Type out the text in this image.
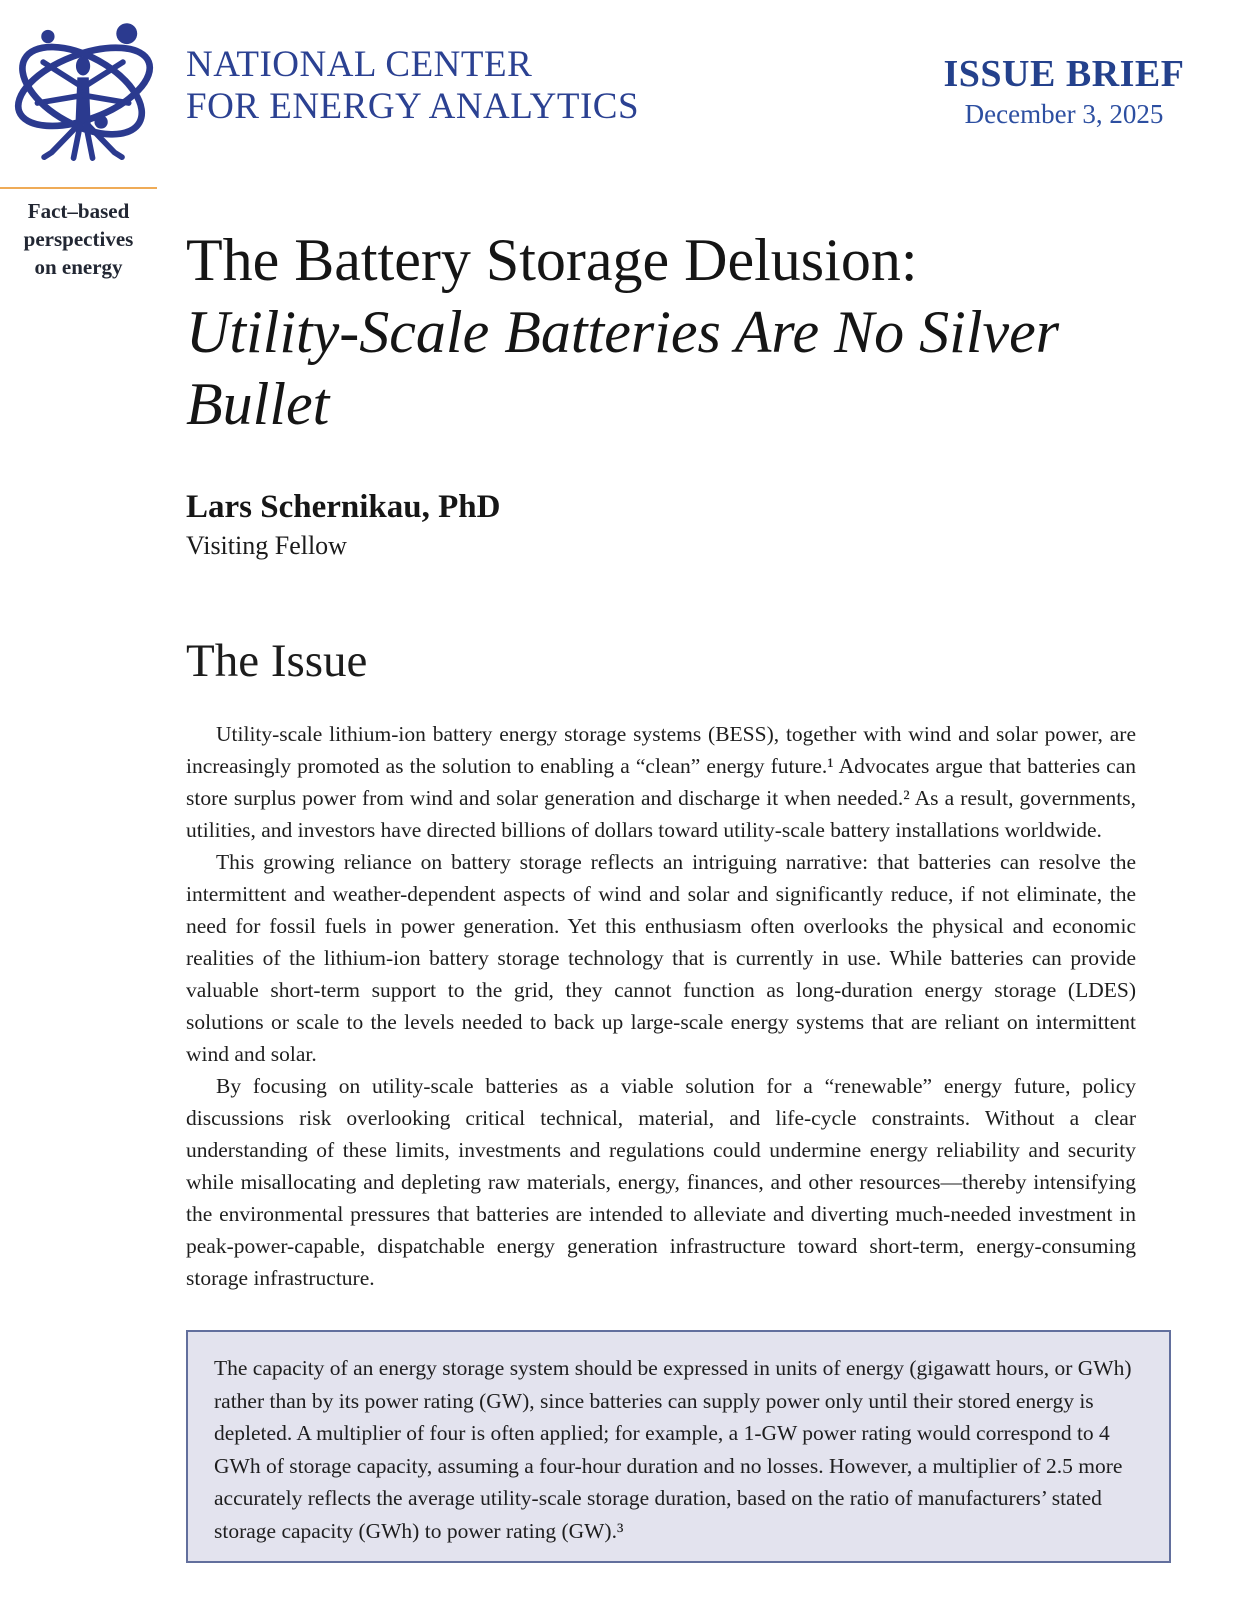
NATIONAL CENTER
FOR ENERGY ANALYTICS
ISSUE BRIEF
December 3, 2025
Fact–based
perspectives
on energy	The Battery Storage Delusion:
Utility-Scale Batteries Are No Silver
Bullet
Lars Schernikau, PhD
Visiting Fellow
The Issue

Utility-scale lithium-ion battery energy storage systems (BESS), together with wind and solar power, are increasingly promoted as the solution to enabling a “clean” energy future.¹ Advocates argue that batteries can store surplus power from wind and solar generation and discharge it when needed.² As a result, governments, utilities, and investors have directed billions of dollars toward utility-scale battery installations worldwide.

This growing reliance on battery storage reflects an intriguing narrative: that batteries can resolve the intermittent and weather-dependent aspects of wind and solar and significantly reduce, if not eliminate, the need for fossil fuels in power generation. Yet this enthusiasm often overlooks the physical and economic realities of the lithium-ion battery storage technology that is currently in use. While batteries can provide valuable short-term support to the grid, they cannot function as long-duration energy storage (LDES) solutions or scale to the levels needed to back up large-scale energy systems that are reliant on intermittent wind and solar.

By focusing on utility-scale batteries as a viable solution for a “renewable” energy future, policy discussions risk overlooking critical technical, material, and life-cycle constraints. Without a clear understanding of these limits, investments and regulations could undermine energy reliability and security while misallocating and depleting raw materials, energy, finances, and other resources—thereby intensifying the environmental pressures that batteries are intended to alleviate and diverting much-needed investment in peak-power-capable, dispatchable energy generation infrastructure toward short-term, energy-consuming storage infrastructure.

The capacity of an energy storage system should be expressed in units of energy (gigawatt hours, or GWh) rather than by its power rating (GW), since batteries can supply power only until their stored energy is depleted. A multiplier of four is often applied; for example, a 1-GW power rating would correspond to 4 GWh of storage capacity, assuming a four-hour duration and no losses. However, a multiplier of 2.5 more accurately reflects the average utility-scale storage duration, based on the ratio of manufacturers’ stated storage capacity (GWh) to power rating (GW).³
